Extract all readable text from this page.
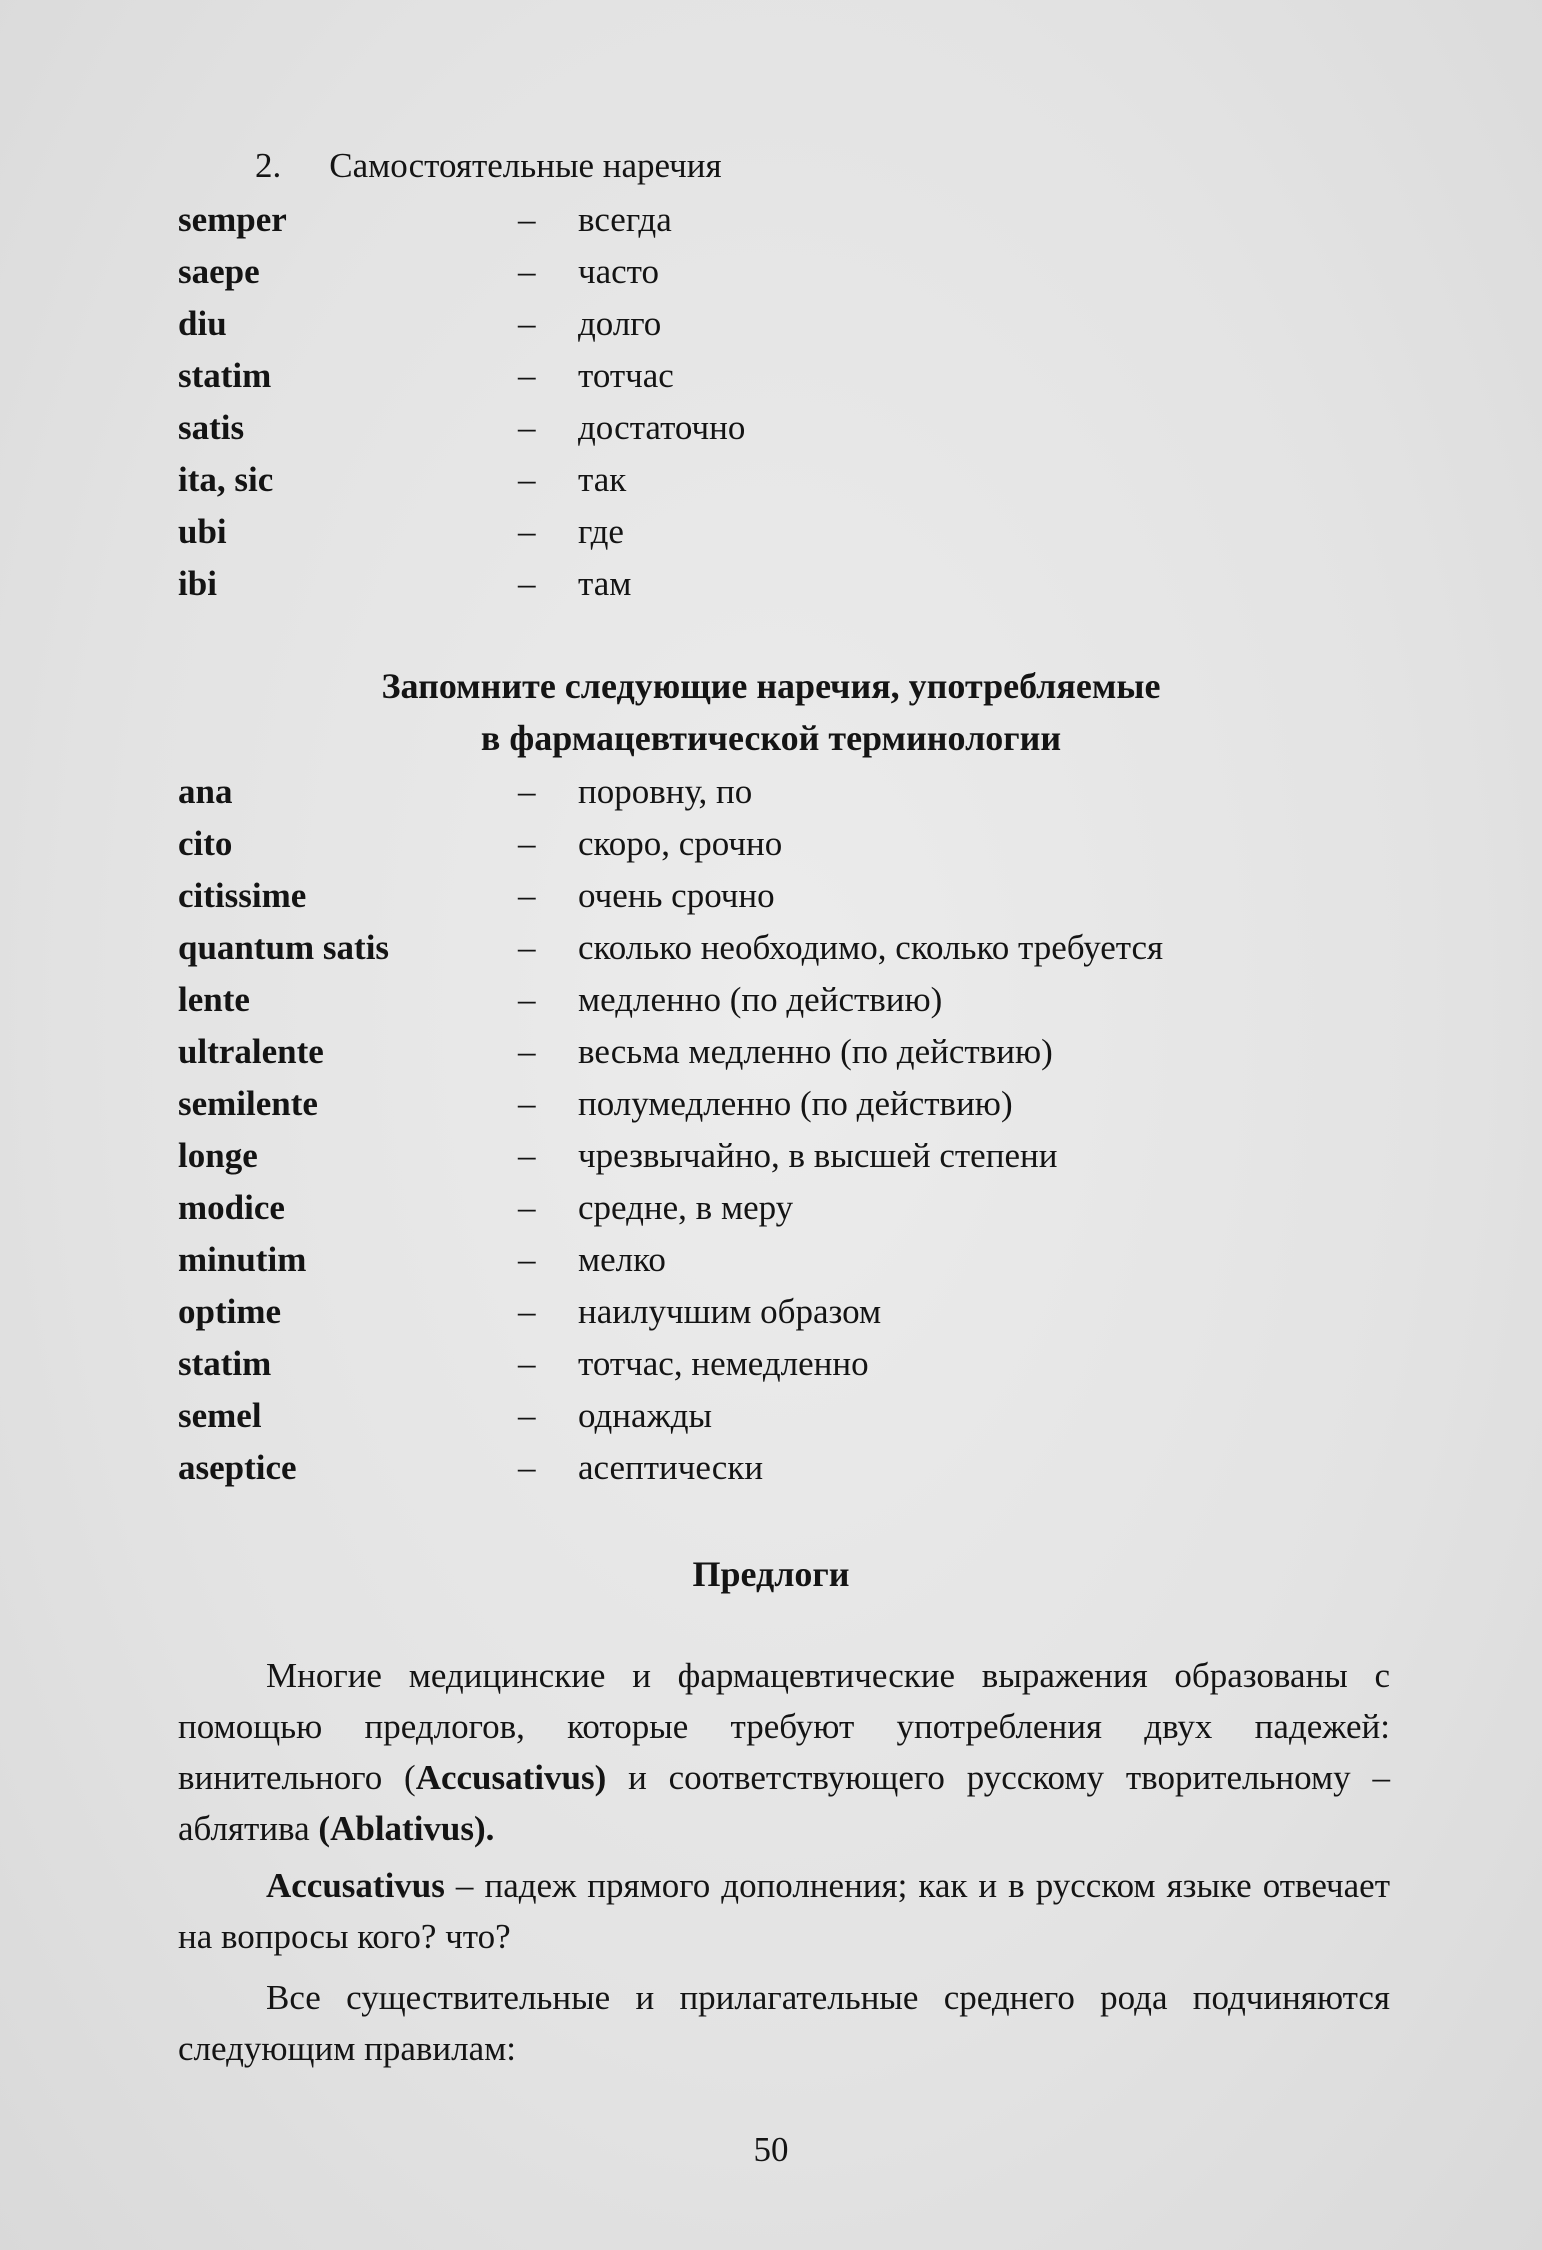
2. Самостоятельные наречия
semper	– всегда
saepe	– часто
diu	– долго
statim	– тотчас
satis	– достаточно
ita, sic	– так
ubi	– где
ibi	– там
Запомните следующие наречия, употребляемые
в фармацевтической терминологии
ana	– поровну, по
cito	– скоро, срочно
citissime	– очень срочно
quantum satis	– сколько необходимо, сколько требуется
lente	– медленно (по действию)
ultralente	– весьма медленно (по действию)
semilente	– полумедленно (по действию)
longe	– чрезвычайно, в высшей степени
modice	– средне, в меру
minutim	– мелко
optime	– наилучшим образом
statim	– тотчас, немедленно
semel	– однажды
aseptice	– асептически
Предлоги

Многие медицинские и фармацевтические выражения образованы с помощью предлогов, которые требуют употребления двух падежей: винительного (Accusativus) и соответствующего русскому творительному – аблятива (Ablativus).

Accusativus – падеж прямого дополнения; как и в русском языке отвечает на вопросы кого? что?

Все существительные и прилагательные среднего рода подчиняются следующим правилам:

50
